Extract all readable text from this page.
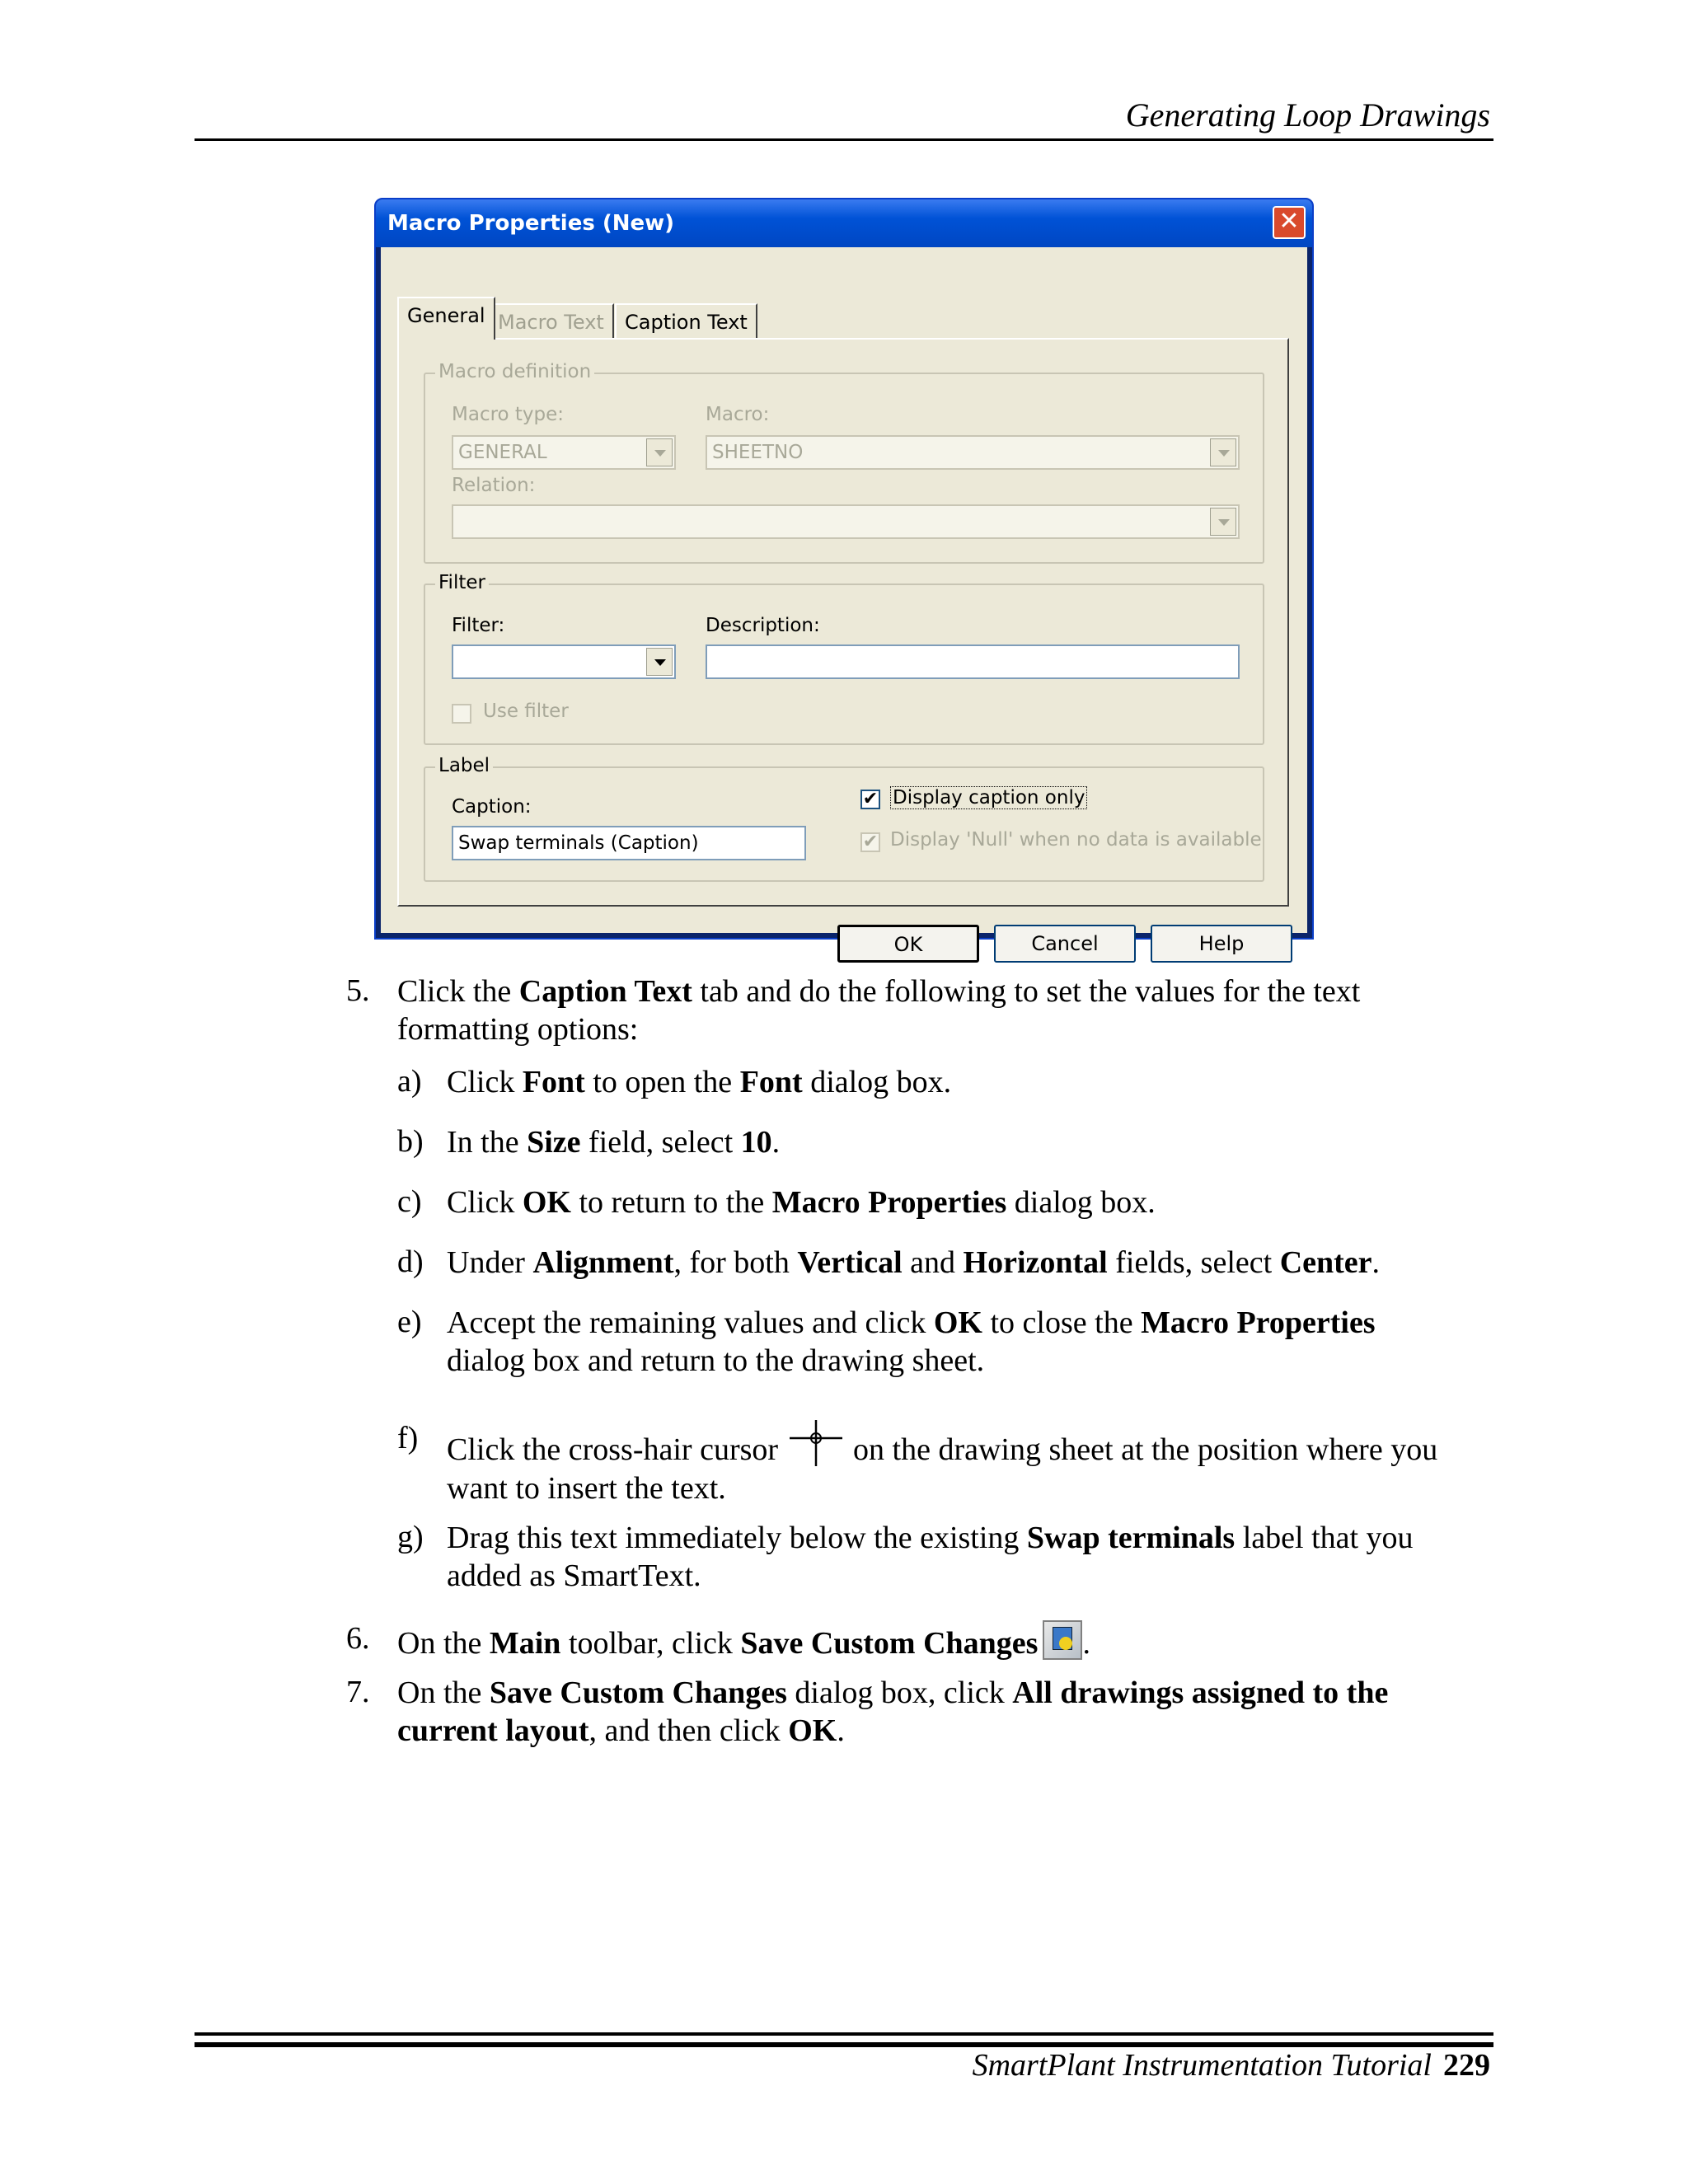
Generating Loop Drawings
Macro Properties (New)	✕
General Macro Text	Caption Text
Macro definition
Macro type:
GENERAL
Macro:
SHEETNO
Relation:
Filter
Filter:	Description:
Use filter
Label
Caption:
Swap terminals (Caption)
✔ Display caption only
✔ Display 'Null' when no data is available
OK	Cancel	Help
5. Click the Caption Text tab and do the following to set the values for the text
formatting options:
a) Click Font to open the Font dialog box.
b) In the Size field, select 10.
c) Click OK to return to the Macro Properties dialog box.
d) Under Alignment, for both Vertical and Horizontal fields, select Center.
e) Accept the remaining values and click OK to close the Macro Properties
dialog box and return to the drawing sheet.
f) Click the cross-hair cursor  on the drawing sheet at the position where you
want to insert the text.
g) Drag this text immediately below the existing Swap terminals label that you
added as SmartText.
6. On the Main toolbar, click Save Custom Changes .
7. On the Save Custom Changes dialog box, click All drawings assigned to the
current layout, and then click OK.
SmartPlant Instrumentation Tutorial 229
